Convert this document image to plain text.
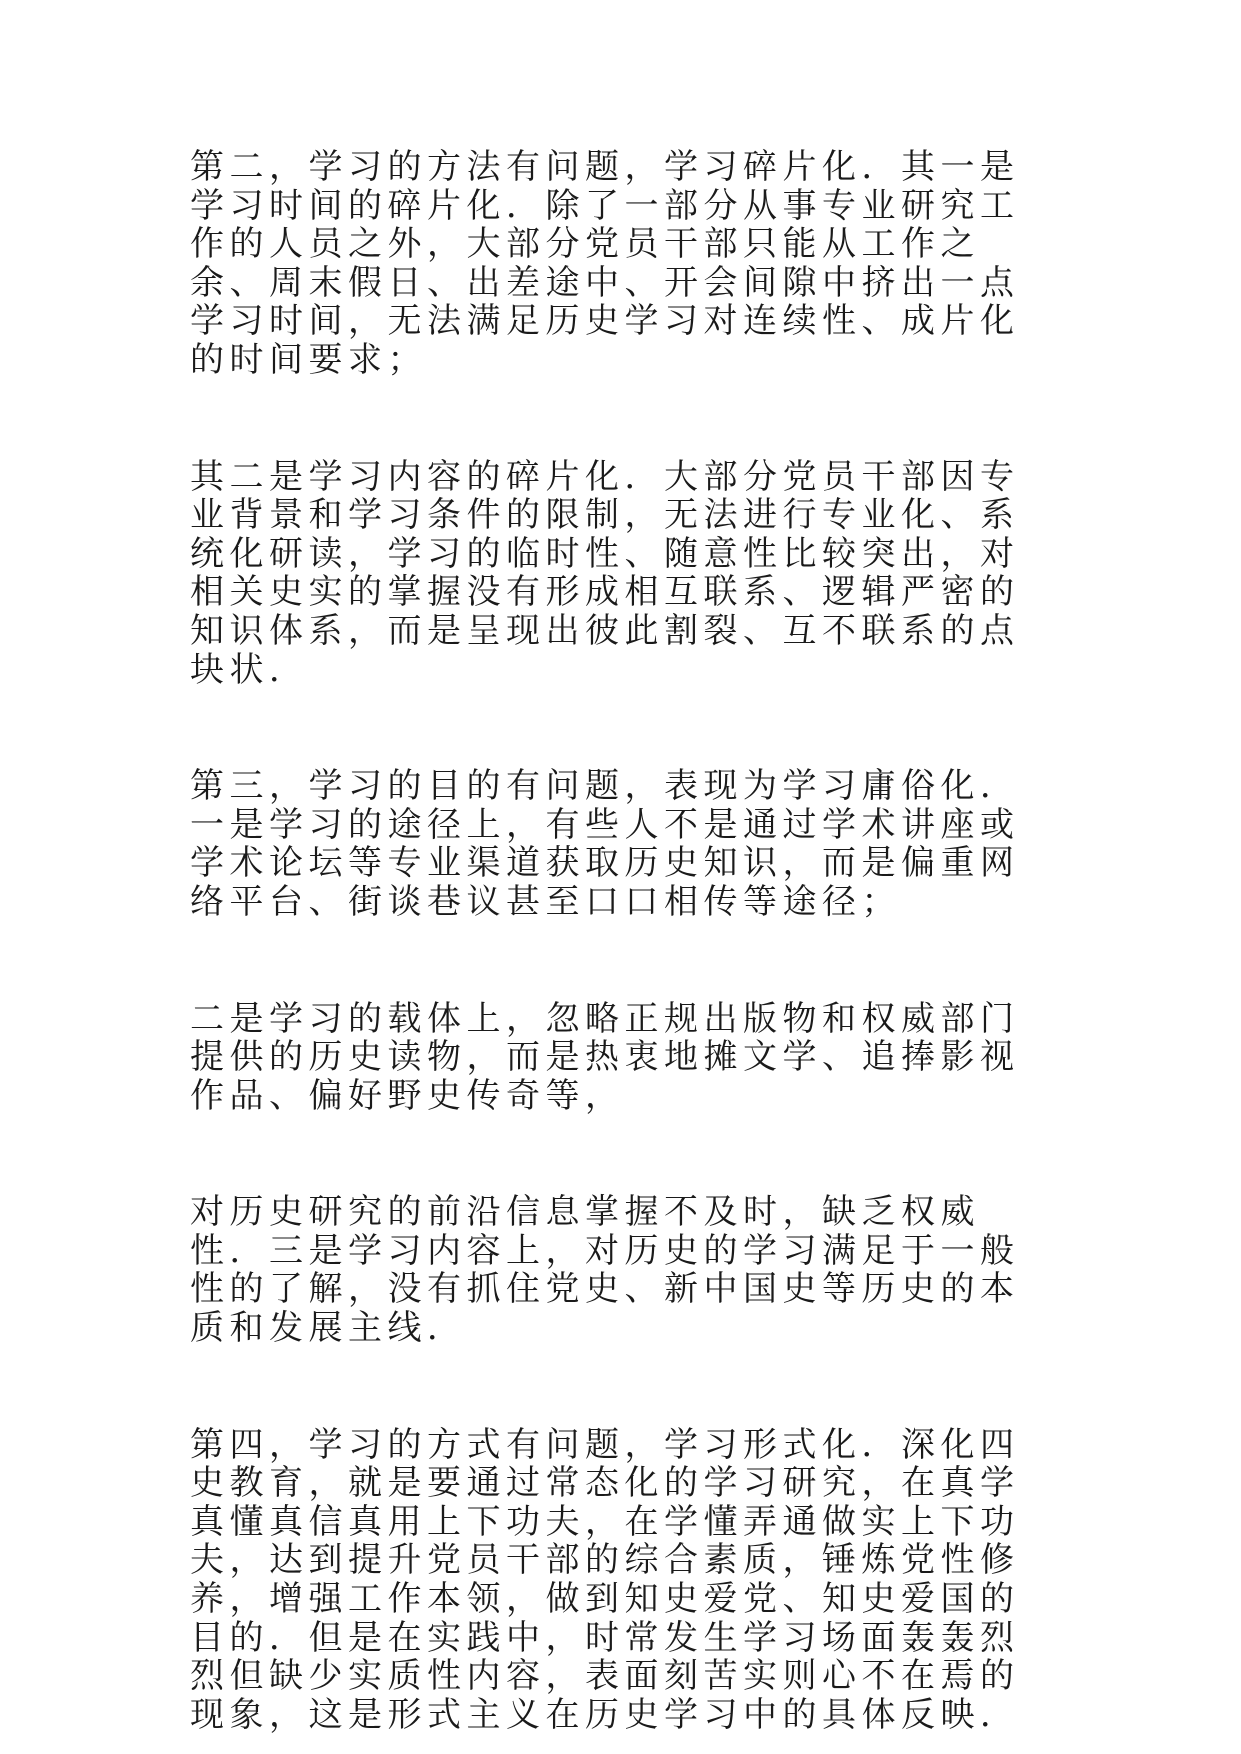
第二，学习的方法有问题，学习碎片化．其一是学习时间的碎片化．除了一部分从事专业研究工作的人员之外，大部分党员干部只能从工作之余、周末假日、出差途中、开会间隙中挤出一点学习时间，无法满足历史学习对连续性、成片化的时间要求；

其二是学习内容的碎片化．大部分党员干部因专业背景和学习条件的限制，无法进行专业化、系统化研读，学习的临时性、随意性比较突出，对相关史实的掌握没有形成相互联系、逻辑严密的知识体系，而是呈现出彼此割裂、互不联系的点块状．

第三，学习的目的有问题，表现为学习庸俗化．一是学习的途径上，有些人不是通过学术讲座或学术论坛等专业渠道获取历史知识，而是偏重网络平台、街谈巷议甚至口口相传等途径；

二是学习的载体上，忽略正规出版物和权威部门提供的历史读物，而是热衷地摊文学、追捧影视作品、偏好野史传奇等，

对历史研究的前沿信息掌握不及时，缺乏权威性．三是学习内容上，对历史的学习满足于一般性的了解，没有抓住党史、新中国史等历史的本质和发展主线．

第四，学习的方式有问题，学习形式化．深化四史教育，就是要通过常态化的学习研究，在真学真懂真信真用上下功夫，在学懂弄通做实上下功夫，达到提升党员干部的综合素质，锤炼党性修养，增强工作本领，做到知史爱党、知史爱国的目的．但是在实践中，时常发生学习场面轰轰烈烈但缺少实质性内容，表面刻苦实则心不在焉的现象，这是形式主义在历史学习中的具体反映．
